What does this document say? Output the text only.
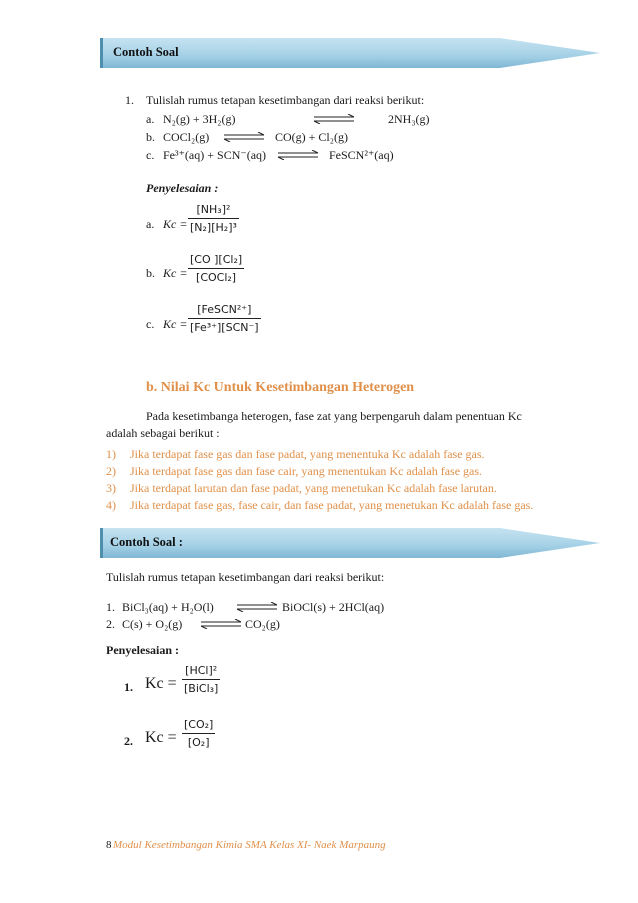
Contoh Soal
1. Tulislah rumus tetapan kesetimbangan dari reaksi berikut:
a. N₂(g) + 3H₂(g)	2NH₃(g)
b. COCl₂(g)	CO(g) + Cl₂(g)
c. Fe³⁺(aq) + SCN⁻(aq)	FeSCN²⁺(aq)
Penyelesaian :
a. $Kc = \frac{\text{[NH₃]²}}{\text{[N₂][H₂]³}}$
b. Kc =
[CO ][Cl₂]
[COCl₂]
c. Kc =
[FeSCN²⁺]
[Fe³⁺][SCN⁻]
b. Nilai Kc Untuk Kesetimbangan Heterogen
Pada kesetimbanga heterogen, fase zat yang berpengaruh dalam penentuan Kc
adalah sebagai berikut :
1) Jika terdapat fase gas dan fase padat, yang menentuka Kc adalah fase gas.
2) Jika terdapat fase gas dan fase cair, yang menentukan Kc adalah fase gas.
3) Jika terdapat larutan dan fase padat, yang menetukan Kc adalah fase larutan.
4) Jika terdapat fase gas, fase cair, dan fase padat, yang menetukan Kc adalah fase gas.
Contoh Soal :
Tulislah rumus tetapan kesetimbangan dari reaksi berikut:
1. BiCl₃(aq) + H₂O(l)	BiOCl(s) + 2HCl(aq)
2. C(s) + O₂(g)	CO₂(g)
Penyelesaian :
1. Kc =
[HCl]²
[BiCl₃]
2. $Kc = \frac{\text{[CO₂]}}{\text{[O₂]}}$
8 Modul Kesetimbangan Kimia SMA Kelas XI- Naek Marpaung
